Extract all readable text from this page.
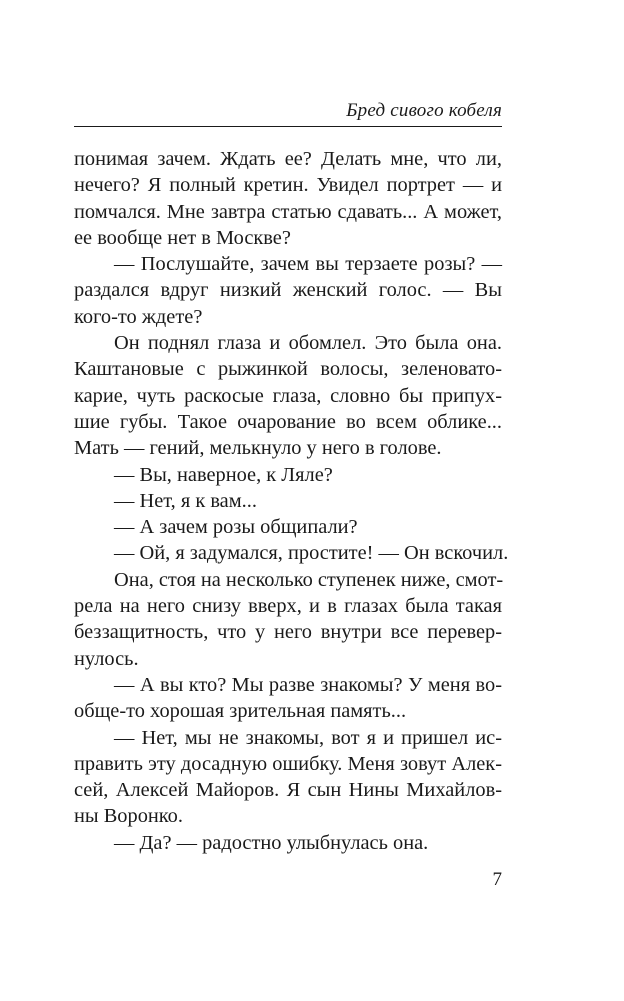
Бред сивого кобеля
понимая зачем. Ждать ее? Делать мне, что ли,
нечего? Я полный кретин. Увидел портрет — и
помчался. Мне завтра статью сдавать... А может,
ее вообще нет в Москве?
— Послушайте, зачем вы терзаете розы? —
раздался вдруг низкий женский голос. — Вы
кого-то ждете?
Он поднял глаза и обомлел. Это была она.
Каштановые с рыжинкой волосы, зеленовато-
карие, чуть раскосые глаза, словно бы припух-
шие губы. Такое очарование во всем облике...
Мать — гений, мелькнуло у него в голове.
— Вы, наверное, к Ляле?
— Нет, я к вам...
— А зачем розы общипали?
— Ой, я задумался, простите! — Он вскочил.
Она, стоя на несколько ступенек ниже, смот-
рела на него снизу вверх, и в глазах была такая
беззащитность, что у него внутри все перевер-
нулось.
— А вы кто? Мы разве знакомы? У меня во-
обще-то хорошая зрительная память...
— Нет, мы не знакомы, вот я и пришел ис-
править эту досадную ошибку. Меня зовут Алек-
сей, Алексей Майоров. Я сын Нины Михайлов-
ны Воронко.
— Да? — радостно улыбнулась она.
7
